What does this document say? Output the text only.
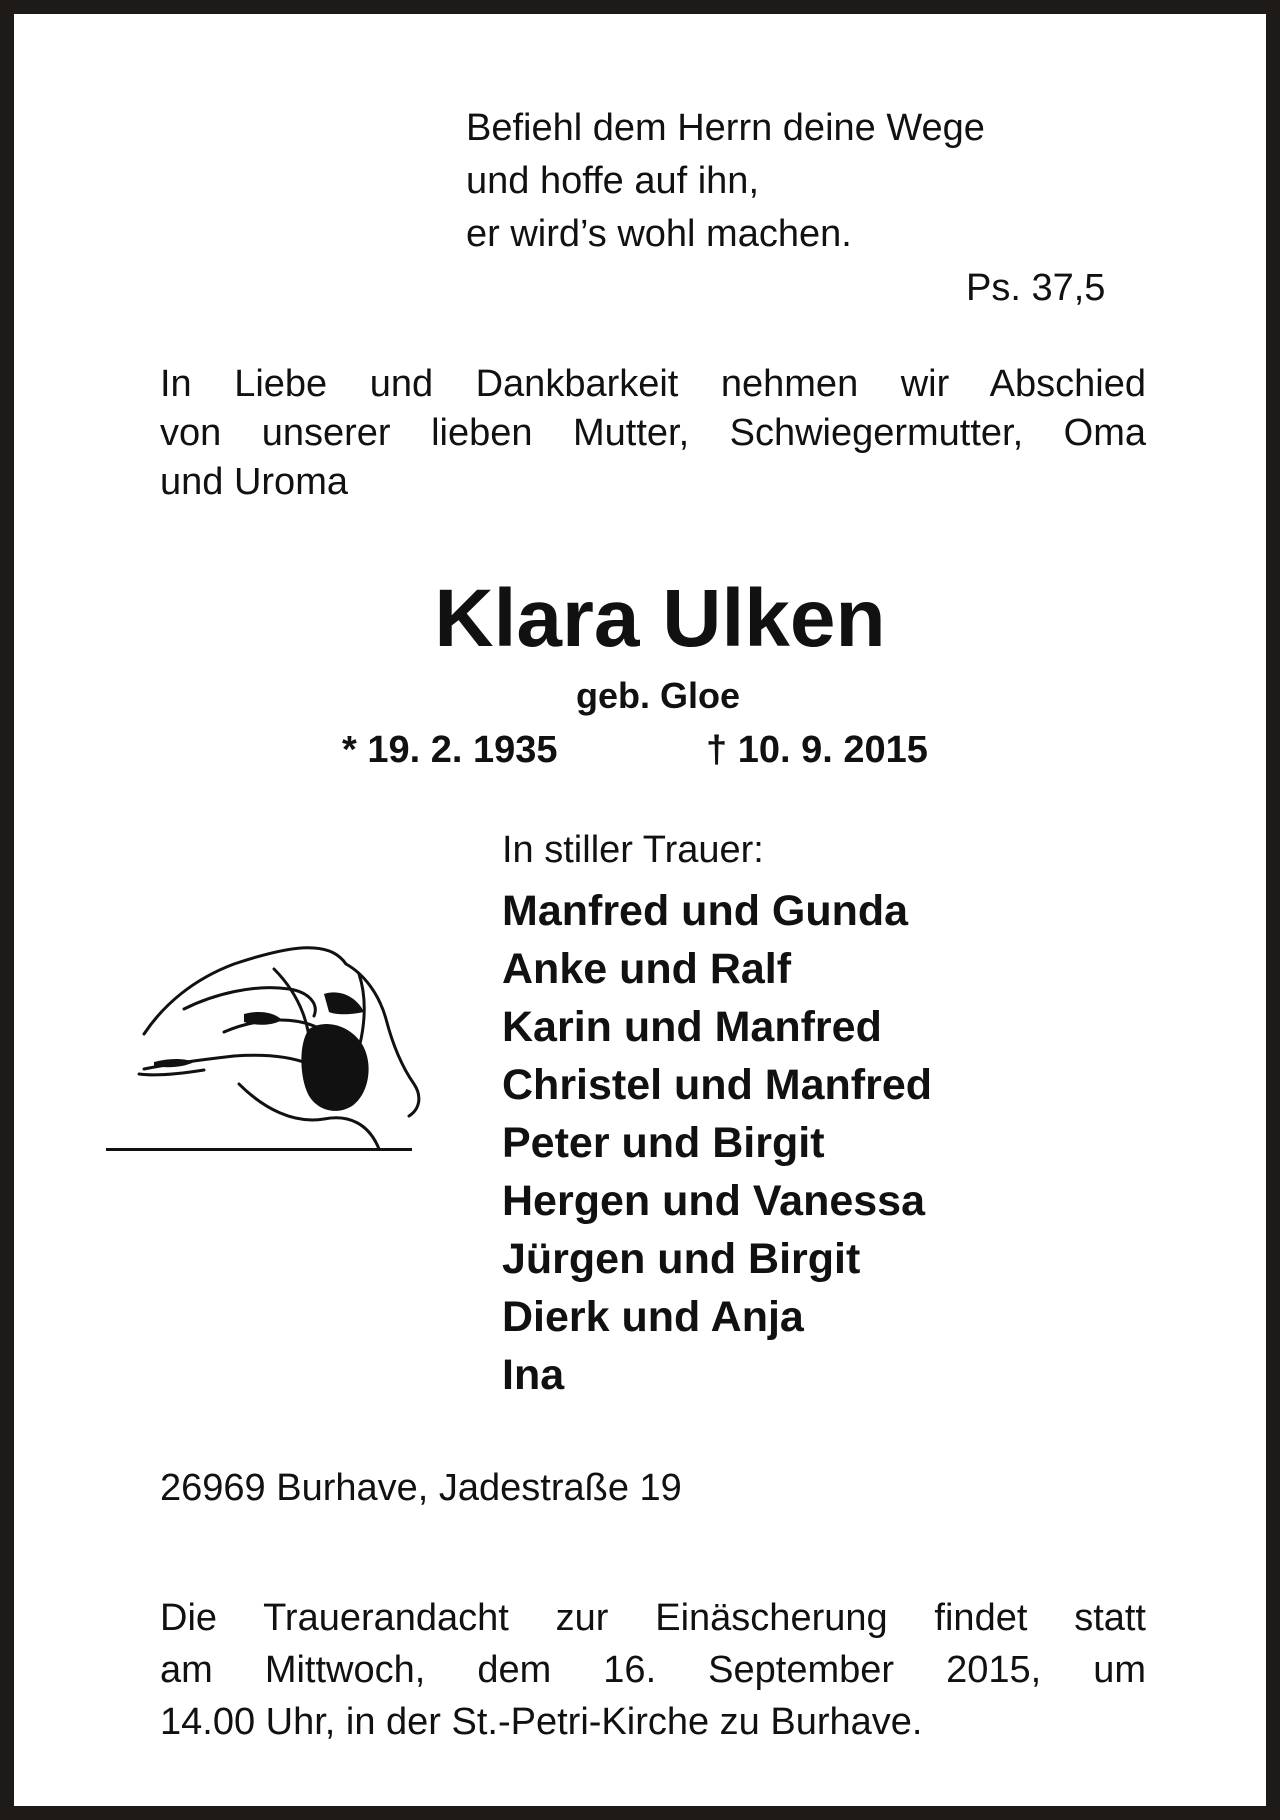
Befiehl dem Herrn deine Wege
und hoffe auf ihn,
er wird’s wohl machen.
Ps. 37,5
In Liebe und Dankbarkeit nehmen wir Abschied
von unserer lieben Mutter, Schwiegermutter, Oma
und Uroma
Klara Ulken
geb. Gloe
* 19. 2. 1935	† 10. 9. 2015
In stiller Trauer:
Manfred und Gunda
Anke und Ralf
Karin und Manfred
Christel und Manfred
Peter und Birgit
Hergen und Vanessa
Jürgen und Birgit
Dierk und Anja
Ina
26969 Burhave, Jadestraße 19
Die Trauerandacht zur Einäscherung findet statt
am Mittwoch, dem 16. September 2015, um
14.00 Uhr, in der St.-Petri-Kirche zu Burhave.
